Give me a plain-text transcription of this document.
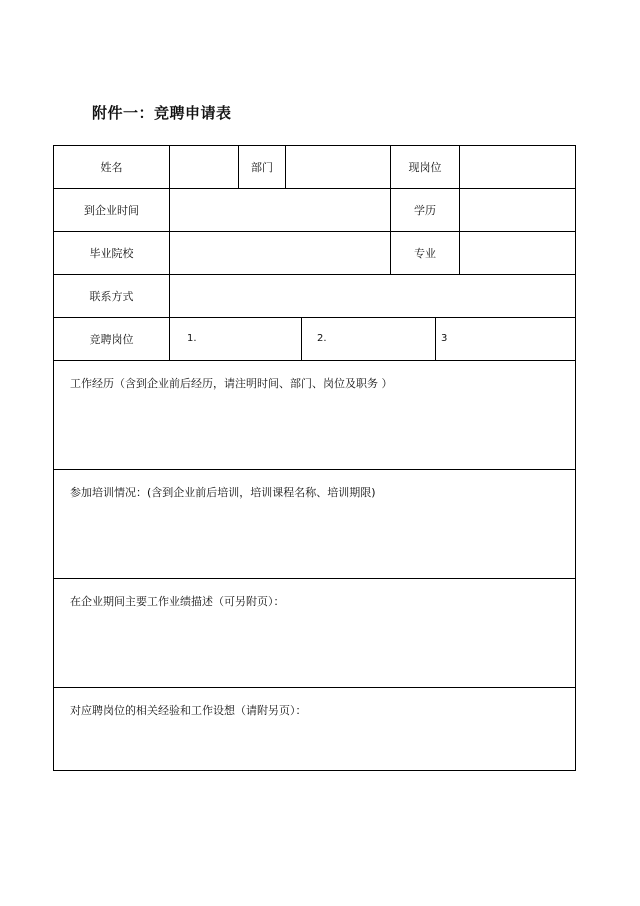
附件一：竞聘申请表
姓名	部门	现岗位
到企业时间	学历
毕业院校	专业
联系方式
竞聘岗位	1.	2.	3
工作经历（含到企业前后经历，请注明时间、部门、岗位及职务 ）
参加培训情况：(含到企业前后培训，培训课程名称、培训期限)
在企业期间主要工作业绩描述（可另附页）：
对应聘岗位的相关经验和工作设想（请附另页）：
